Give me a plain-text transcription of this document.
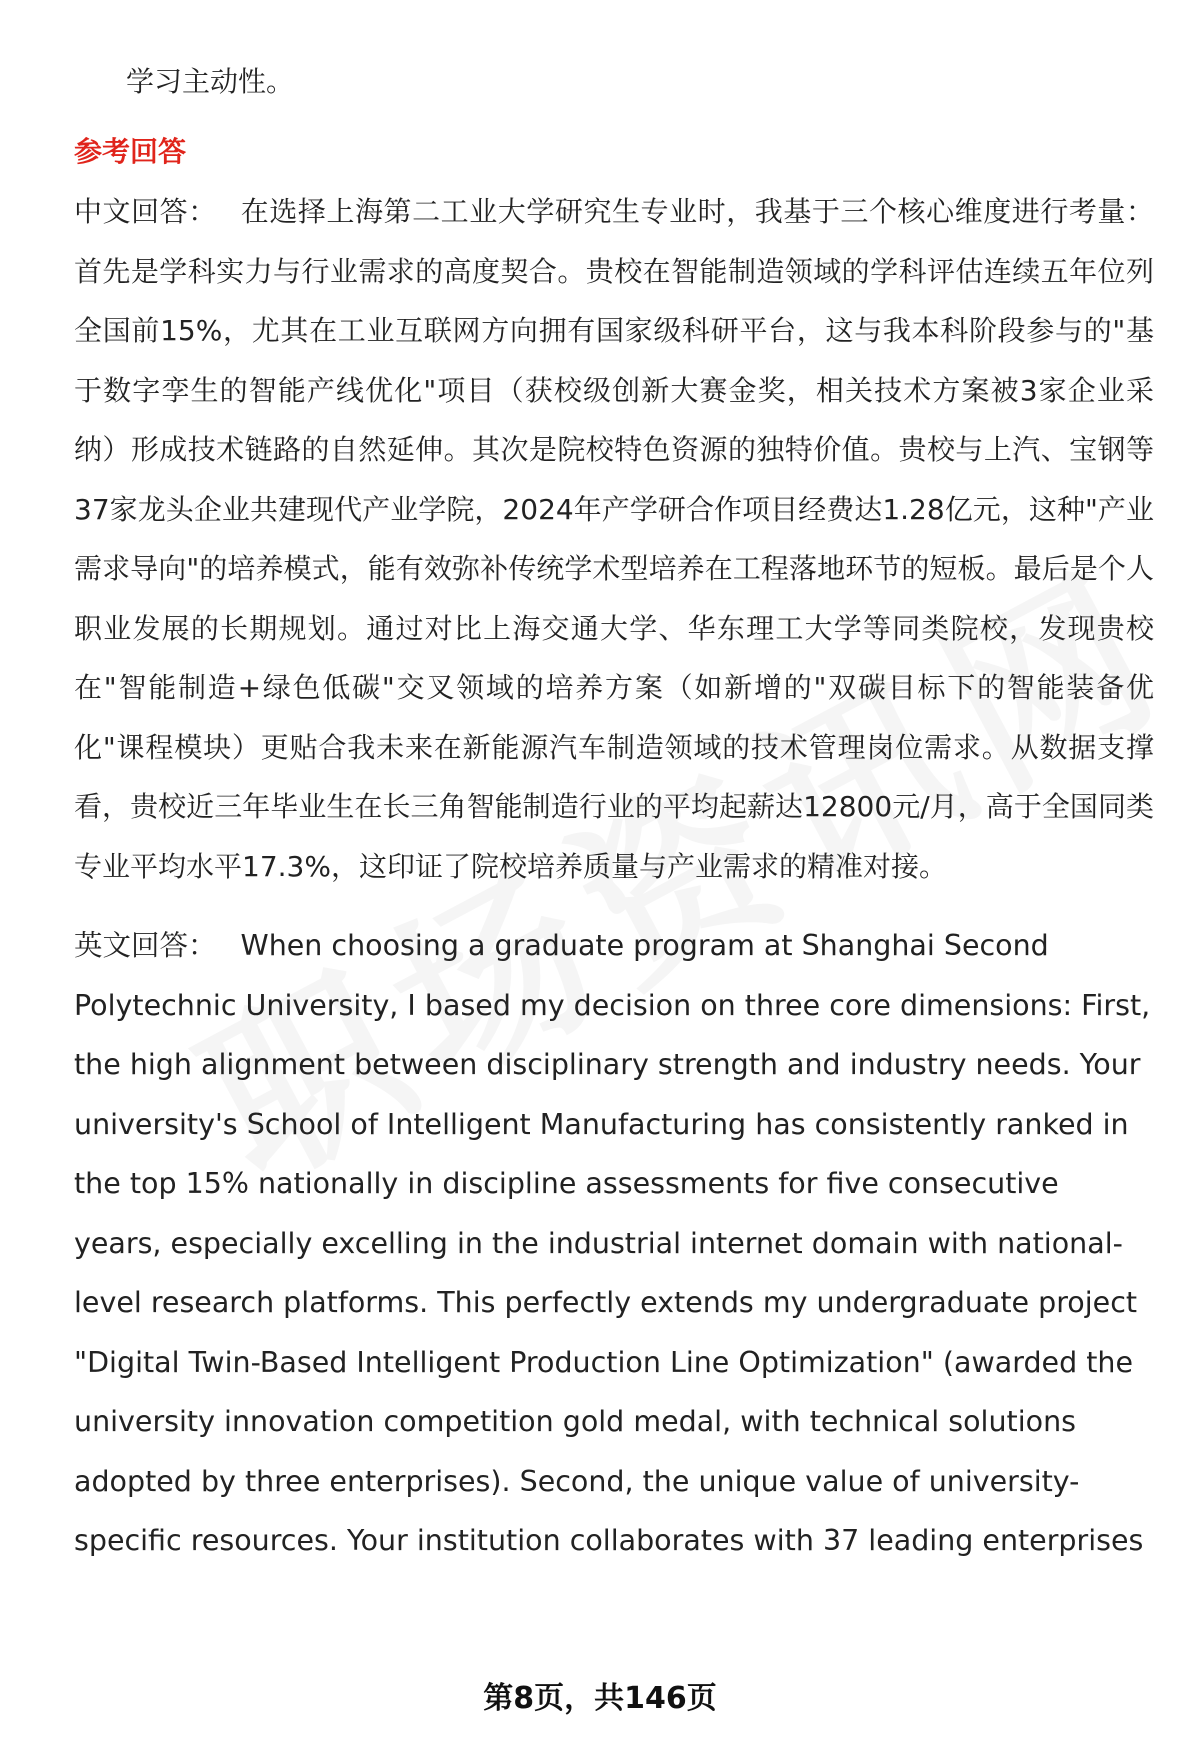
学习主动性。
参考回答

中文回答： 在选择上海第二工业大学研究生专业时，我基于三个核心维度进行考量：首先是学科实力与行业需求的高度契合。贵校在智能制造领域的学科评估连续五年位列全国前15%，尤其在工业互联网方向拥有国家级科研平台，这与我本科阶段参与的"基于数字孪生的智能产线优化"项目（获校级创新大赛金奖，相关技术方案被3家企业采纳）形成技术链路的自然延伸。其次是院校特色资源的独特价值。贵校与上汽、宝钢等37家龙头企业共建现代产业学院，2024年产学研合作项目经费达1.28亿元，这种"产业需求导向"的培养模式，能有效弥补传统学术型培养在工程落地环节的短板。最后是个人职业发展的长期规划。通过对比上海交通大学、华东理工大学等同类院校，发现贵校在"智能制造+绿色低碳"交叉领域的培养方案（如新增的"双碳目标下的智能装备优化"课程模块）更贴合我未来在新能源汽车制造领域的技术管理岗位需求。从数据支撑看，贵校近三年毕业生在长三角智能制造行业的平均起薪达12800元/月，高于全国同类专业平均水平17.3%，这印证了院校培养质量与产业需求的精准对接。

英文回答： When choosing a graduate program at Shanghai Second Polytechnic University, I based my decision on three core dimensions: First, the high alignment between disciplinary strength and industry needs. Your university's School of Intelligent Manufacturing has consistently ranked in the top 15% nationally in discipline assessments for five consecutive years, especially excelling in the industrial internet domain with national-level research platforms. This perfectly extends my undergraduate project "Digital Twin-Based Intelligent Production Line Optimization" (awarded the university innovation competition gold medal, with technical solutions adopted by three enterprises). Second, the unique value of university-specific resources. Your institution collaborates with 37 leading enterprises

第8页，共146页
